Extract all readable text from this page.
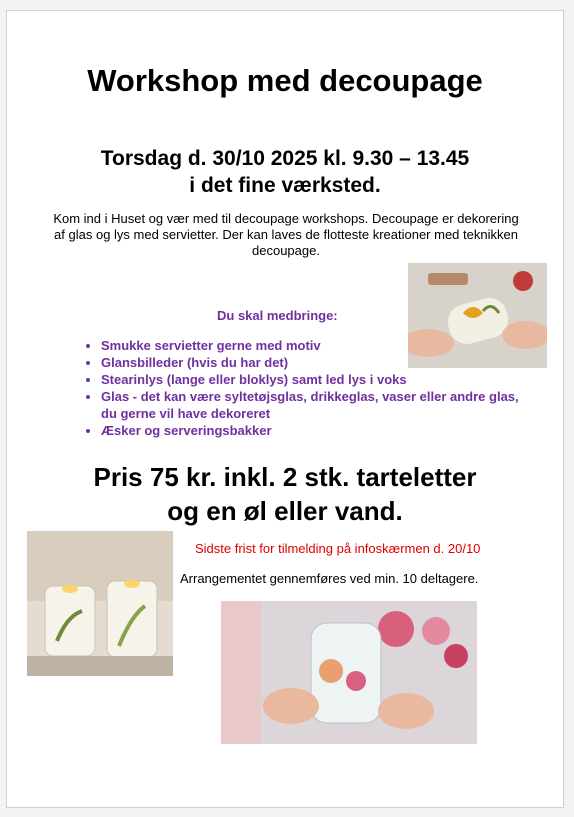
Workshop med decoupage
Torsdag d. 30/10 2025 kl. 9.30 – 13.45
i det fine værksted.
Kom ind i Huset og vær med til decoupage workshops. Decoupage er dekorering af glas og lys med servietter. Der kan laves de flotteste kreationer med teknikken decoupage.
Du skal medbringe:
• Smukke servietter gerne med motiv
• Glansbilleder (hvis du har det)
• Stearinlys (lange eller bloklys) samt led lys i voks
• Glas - det kan være syltetøjsglas, drikkeglas, vaser eller andre glas, du gerne vil have dekoreret
• Æsker og serveringsbakker
Pris 75 kr. inkl. 2 stk. tarteletter
og en øl eller vand.
Sidste frist for tilmelding på infoskærmen d. 20/10
Arrangementet gennemføres ved min. 10 deltagere.
